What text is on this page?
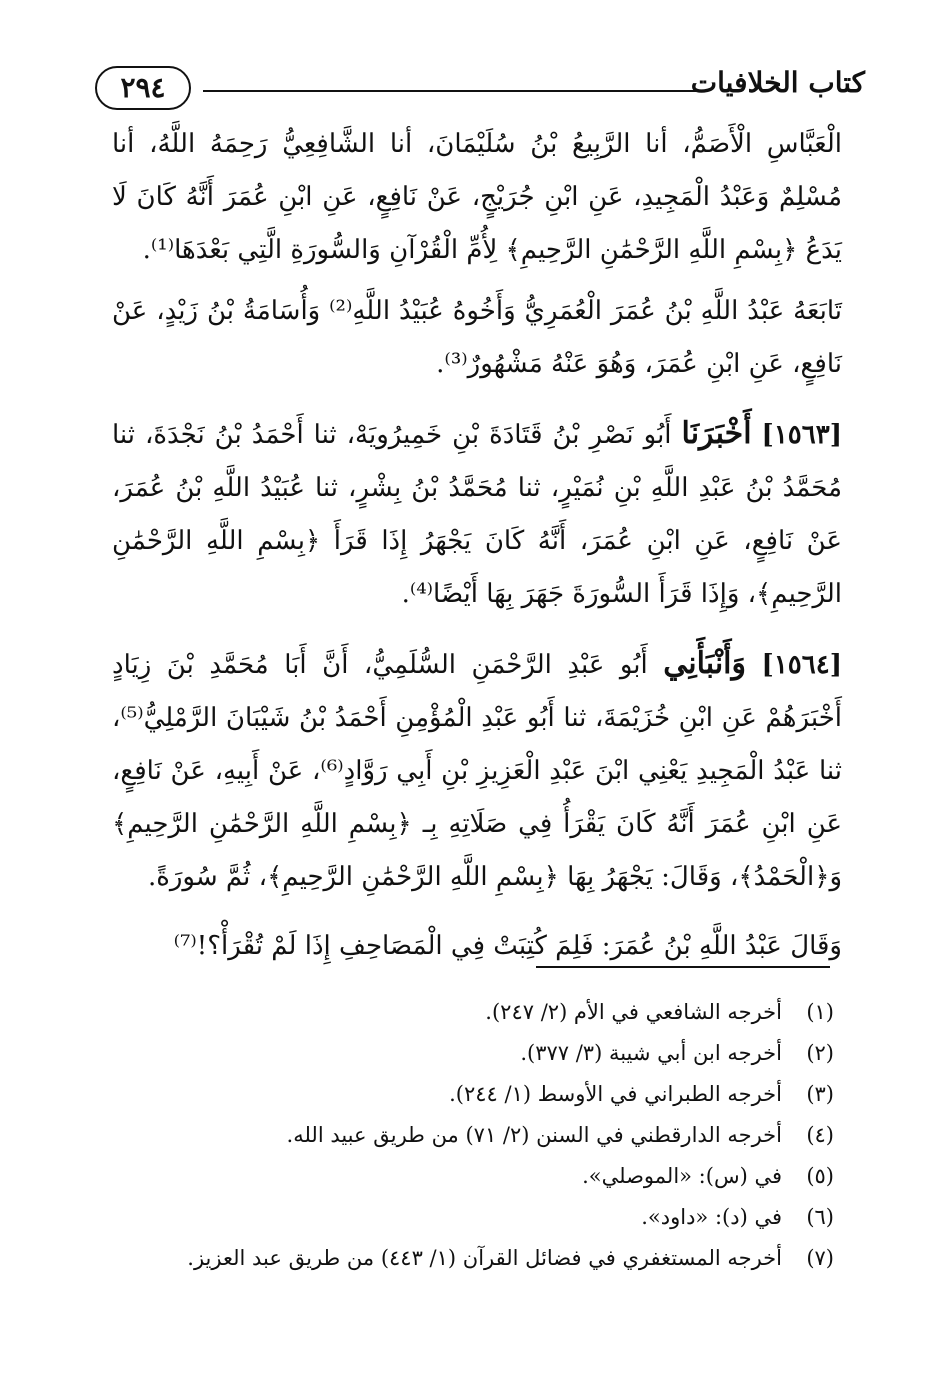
٢٩٤	كتاب الخلافيات

الْعَبَّاسِ الْأَصَمُّ، أنا الرَّبِيعُ بْنُ سُلَيْمَانَ، أنا الشَّافِعِيُّ رَحِمَهُ اللَّهُ، أنا مُسْلِمٌ وَعَبْدُ الْمَجِيدِ، عَنِ ابْنِ جُرَيْجٍ، عَنْ نَافِعٍ، عَنِ ابْنِ عُمَرَ أَنَّهُ كَانَ لَا يَدَعُ ﴿بِسْمِ اللَّهِ الرَّحْمَٰنِ الرَّحِيمِ﴾ لِأُمِّ الْقُرْآنِ وَالسُّورَةِ الَّتِي بَعْدَهَا⁽¹⁾.

تَابَعَهُ عَبْدُ اللَّهِ بْنُ عُمَرَ الْعُمَرِيُّ وَأَخُوهُ عُبَيْدُ اللَّهِ⁽²⁾ وَأُسَامَةُ بْنُ زَيْدٍ، عَنْ نَافِعٍ، عَنِ ابْنِ عُمَرَ، وَهُوَ عَنْهُ مَشْهُورٌ⁽³⁾.

[١٥٦٣] أَخْبَرَنَا أَبُو نَصْرِ بْنُ قَتَادَةَ بْنِ خَمِيرُويَهْ، ثنا أَحْمَدُ بْنُ نَجْدَةَ، ثنا مُحَمَّدُ بْنُ عَبْدِ اللَّهِ بْنِ نُمَيْرٍ، ثنا مُحَمَّدُ بْنُ بِشْرٍ، ثنا عُبَيْدُ اللَّهِ بْنُ عُمَرَ، عَنْ نَافِعٍ، عَنِ ابْنِ عُمَرَ، أَنَّهُ كَانَ يَجْهَرُ إِذَا قَرَأَ ﴿بِسْمِ اللَّهِ الرَّحْمَٰنِ الرَّحِيمِ﴾، وَإِذَا قَرَأَ السُّورَةَ جَهَرَ بِهَا أَيْضًا⁽⁴⁾.

[١٥٦٤] وَأَنْبَأَنِي أَبُو عَبْدِ الرَّحْمَنِ السُّلَمِيُّ، أَنَّ أَبَا مُحَمَّدِ بْنَ زِيَادٍ أَخْبَرَهُمْ عَنِ ابْنِ خُزَيْمَةَ، ثنا أَبُو عَبْدِ الْمُؤْمِنِ أَحْمَدُ بْنُ شَيْبَانَ الرَّمْلِيُّ⁽⁵⁾، ثنا عَبْدُ الْمَجِيدِ يَعْنِي ابْنَ عَبْدِ الْعَزِيزِ بْنِ أَبِي رَوَّادٍ⁽⁶⁾، عَنْ أَبِيهِ، عَنْ نَافِعٍ، عَنِ ابْنِ عُمَرَ أَنَّهُ كَانَ يَقْرَأُ فِي صَلَاتِهِ بِـ ﴿بِسْمِ اللَّهِ الرَّحْمَٰنِ الرَّحِيمِ﴾ وَ﴿الْحَمْدُ﴾، وَقَالَ: يَجْهَرُ بِهَا ﴿بِسْمِ اللَّهِ الرَّحْمَٰنِ الرَّحِيمِ﴾، ثُمَّ سُورَةً.

وَقَالَ عَبْدُ اللَّهِ بْنُ عُمَرَ: فَلِمَ كُتِبَتْ فِي الْمَصَاحِفِ إِذَا لَمْ تُقْرَأْ؟!⁽⁷⁾

(١)
أخرجه الشافعي في الأم (٢/ ٢٤٧).
(٢)
أخرجه ابن أبي شيبة (٣/ ٣٧٧).
(٣)
أخرجه الطبراني في الأوسط (١/ ٢٤٤).
(٤)
أخرجه الدارقطني في السنن (٢/ ٧١) من طريق عبيد الله.
(٥)
في (س): «الموصلي».
(٦)
في (د): «داود».
(٧)
أخرجه المستغفري في فضائل القرآن (١/ ٤٤٣) من طريق عبد العزيز.
